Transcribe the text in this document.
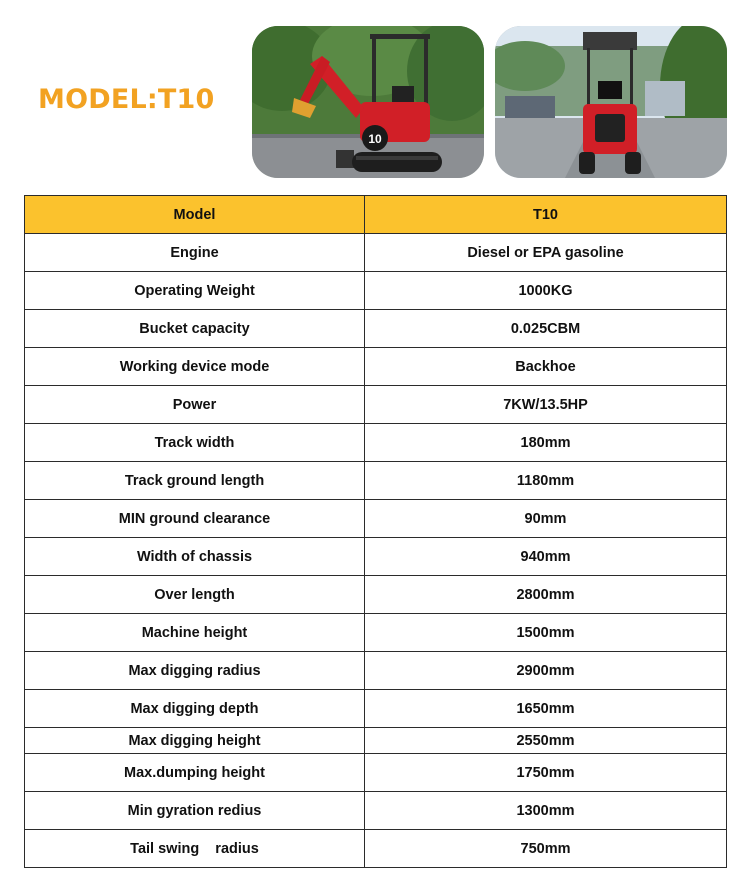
MODEL:T10
10
Model	T10
Engine	Diesel or EPA gasoline
Operating Weight	1000KG
Bucket capacity	0.025CBM
Working device mode	Backhoe
Power	7KW/13.5HP
Track width	180mm
Track ground length	1180mm
MIN ground clearance	90mm
Width of chassis	940mm
Over length	2800mm
Machine height	1500mm
Max digging radius	2900mm
Max digging depth	1650mm
Max digging height	2550mm
Max.dumping height	1750mm
Min gyration redius	1300mm
Tail swing    radius	750mm
